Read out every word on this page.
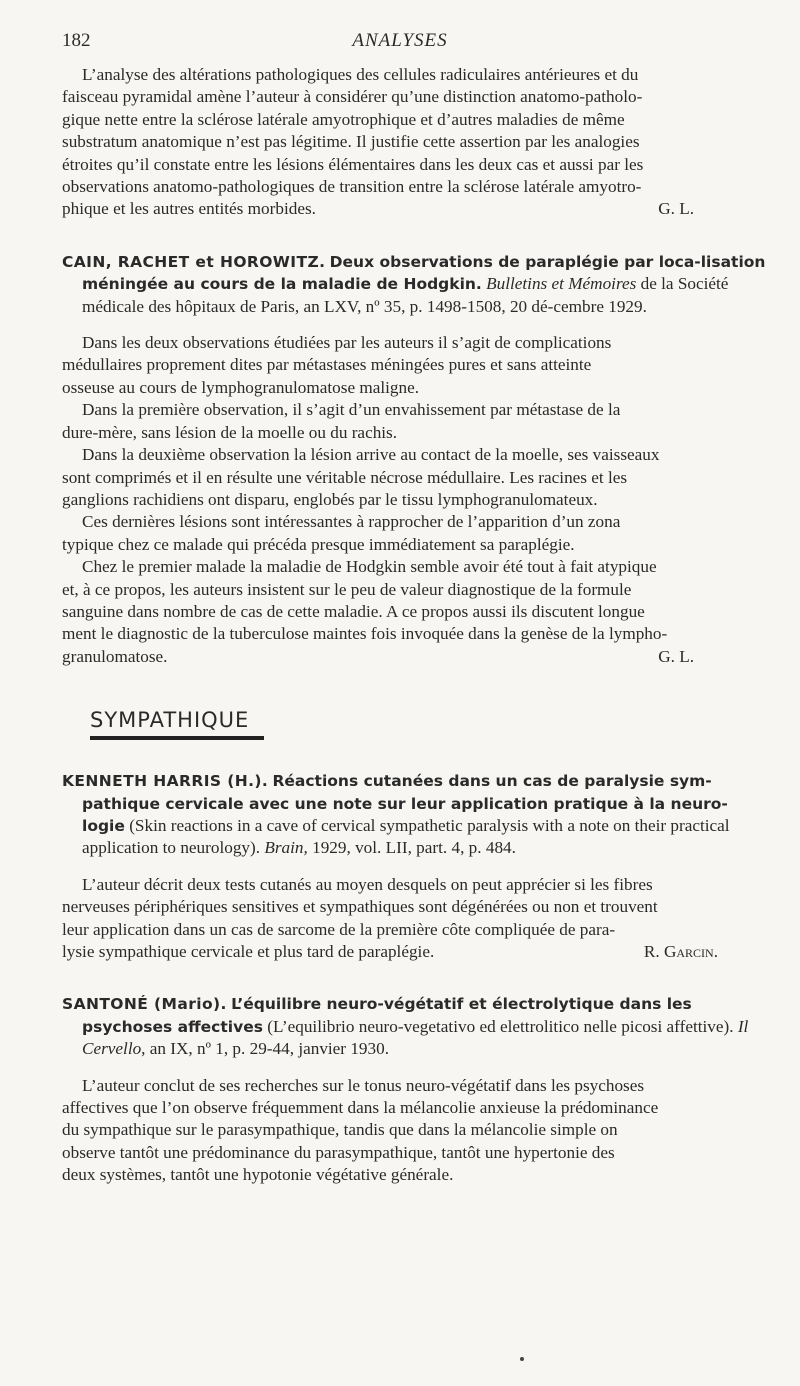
182	ANALYSES

L’analyse des altérations pathologiques des cellules radiculaires antérieures et du
faisceau pyramidal amène l’auteur à considérer qu’une distinction anatomo-patholo-
gique nette entre la sclérose latérale amyotrophique et d’autres maladies de même
substratum anatomique n’est pas légitime. Il justifie cette assertion par les analogies
étroites qu’il constate entre les lésions élémentaires dans les deux cas et aussi par les
observations anatomo-pathologiques de transition entre la sclérose latérale amyotro-
phique et les autres entités morbides.	G. L.

CAIN, RACHET et HOROWITZ. Deux observations de paraplégie par loca-lisation méningée au cours de la maladie de Hodgkin. Bulletins et Mémoires de la Société médicale des hôpitaux de Paris, an LXV, nº 35, p. 1498-1508, 20 dé-cembre 1929.

Dans les deux observations étudiées par les auteurs il s’agit de complications
médullaires proprement dites par métastases méningées pures et sans atteinte
osseuse au cours de lymphogranulomatose maligne.

Dans la première observation, il s’agit d’un envahissement par métastase de la
dure-mère, sans lésion de la moelle ou du rachis.

Dans la deuxième observation la lésion arrive au contact de la moelle, ses vaisseaux
sont comprimés et il en résulte une véritable nécrose médullaire. Les racines et les
ganglions rachidiens ont disparu, englobés par le tissu lymphogranulomateux.

Ces dernières lésions sont intéressantes à rapprocher de l’apparition d’un zona
typique chez ce malade qui précéda presque immédiatement sa paraplégie.

Chez le premier malade la maladie de Hodgkin semble avoir été tout à fait atypique
et, à ce propos, les auteurs insistent sur le peu de valeur diagnostique de la formule
sanguine dans nombre de cas de cette maladie. A ce propos aussi ils discutent longue
ment le diagnostic de la tuberculose maintes fois invoquée dans la genèse de la lympho-
granulomatose.	G. L.

SYMPATHIQUE

KENNETH HARRIS (H.). Réactions cutanées dans un cas de paralysie sym-pathique cervicale avec une note sur leur application pratique à la neuro-logie (Skin reactions in a cave of cervical sympathetic paralysis with a note on their practical application to neurology). Brain, 1929, vol. LII, part. 4, p. 484.

L’auteur décrit deux tests cutanés au moyen desquels on peut apprécier si les fibres
nerveuses périphériques sensitives et sympathiques sont dégénérées ou non et trouvent
leur application dans un cas de sarcome de la première côte compliquée de para-
lysie sympathique cervicale et plus tard de paraplégie.	R. Garcin.

SANTONÉ (Mario). L’équilibre neuro-végétatif et électrolytique dans les psychoses affectives (L’equilibrio neuro-vegetativo ed elettrolitico nelle picosi affettive). Il Cervello, an IX, nº 1, p. 29-44, janvier 1930.

L’auteur conclut de ses recherches sur le tonus neuro-végétatif dans les psychoses
affectives que l’on observe fréquemment dans la mélancolie anxieuse la prédominance
du sympathique sur le parasympathique, tandis que dans la mélancolie simple on
observe tantôt une prédominance du parasympathique, tantôt une hypertonie des
deux systèmes, tantôt une hypotonie végétative générale.
